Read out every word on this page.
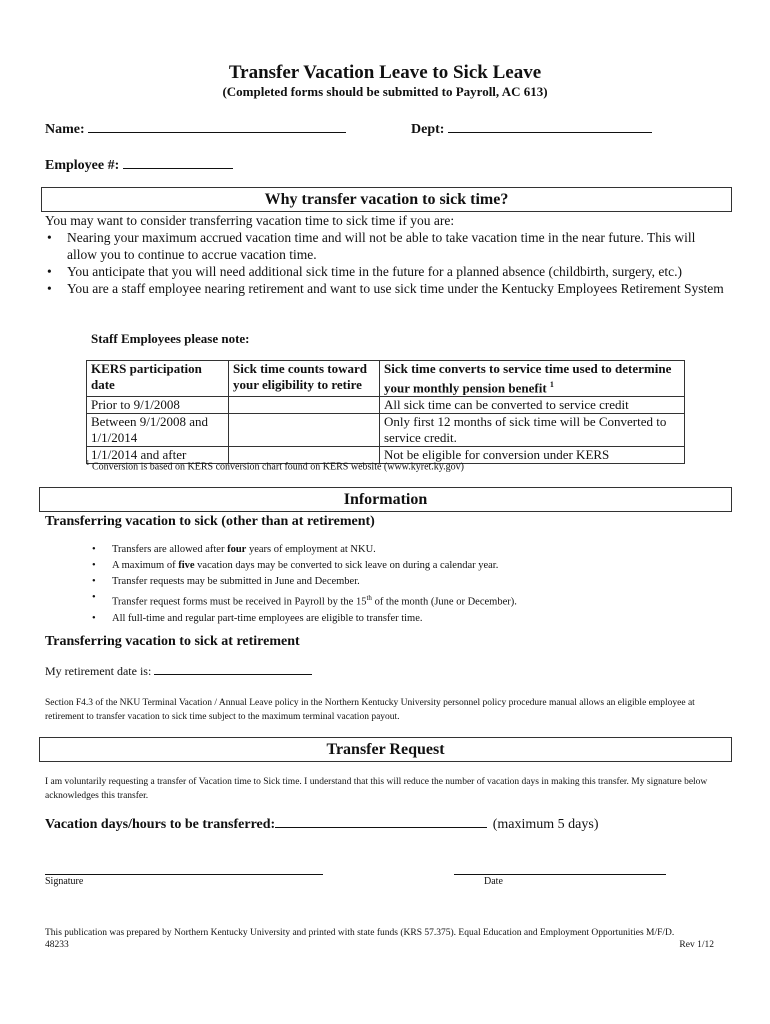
Transfer Vacation Leave to Sick Leave
(Completed forms should be submitted to Payroll, AC 613)
Name:	Dept:
Employee #:
Why transfer vacation to sick time?
You may want to consider transferring vacation time to sick time if you are:
• Nearing your maximum accrued vacation time and will not be able to take vacation time in the near future. This will allow you to continue to accrue vacation time.
• You anticipate that you will need additional sick time in the future for a planned absence (childbirth, surgery, etc.)
• You are a staff employee nearing retirement and want to use sick time under the Kentucky Employees Retirement System
Staff Employees please note:
KERS participation date	Sick time counts toward your eligibility to retire	Sick time converts to service time used to determine your monthly pension benefit $^1$
Prior to 9/1/2008		All sick time can be converted to service credit
Between 9/1/2008 and 1/1/2014		Only first 12 months of sick time will be Converted to service credit.
1/1/2014 and after		Not be eligible for conversion under KERS
$^1$ Conversion is based on KERS conversion chart found on KERS website (www.kyret.ky.gov)
Information
Transferring vacation to sick (other than at retirement)
• Transfers are allowed after four years of employment at NKU.
• A maximum of five vacation days may be converted to sick leave on during a calendar year.
• Transfer requests may be submitted in June and December.
• Transfer request forms must be received in Payroll by the 15th of the month (June or December).
• All full-time and regular part-time employees are eligible to transfer time.
Transferring vacation to sick at retirement
My retirement date is:
Section F4.3 of the NKU Terminal Vacation / Annual Leave policy in the Northern Kentucky University personnel policy procedure manual allows an eligible employee at retirement to transfer vacation to sick time subject to the maximum terminal vacation payout.
Transfer Request
I am voluntarily requesting a transfer of Vacation time to Sick time. I understand that this will reduce the number of vacation days in making this transfer. My signature below acknowledges this transfer.
Vacation days/hours to be transferred:	(maximum 5 days)
Signature	Date
This publication was prepared by Northern Kentucky University and printed with state funds (KRS 57.375). Equal Education and Employment Opportunities M/F/D.
48233	Rev 1/12
